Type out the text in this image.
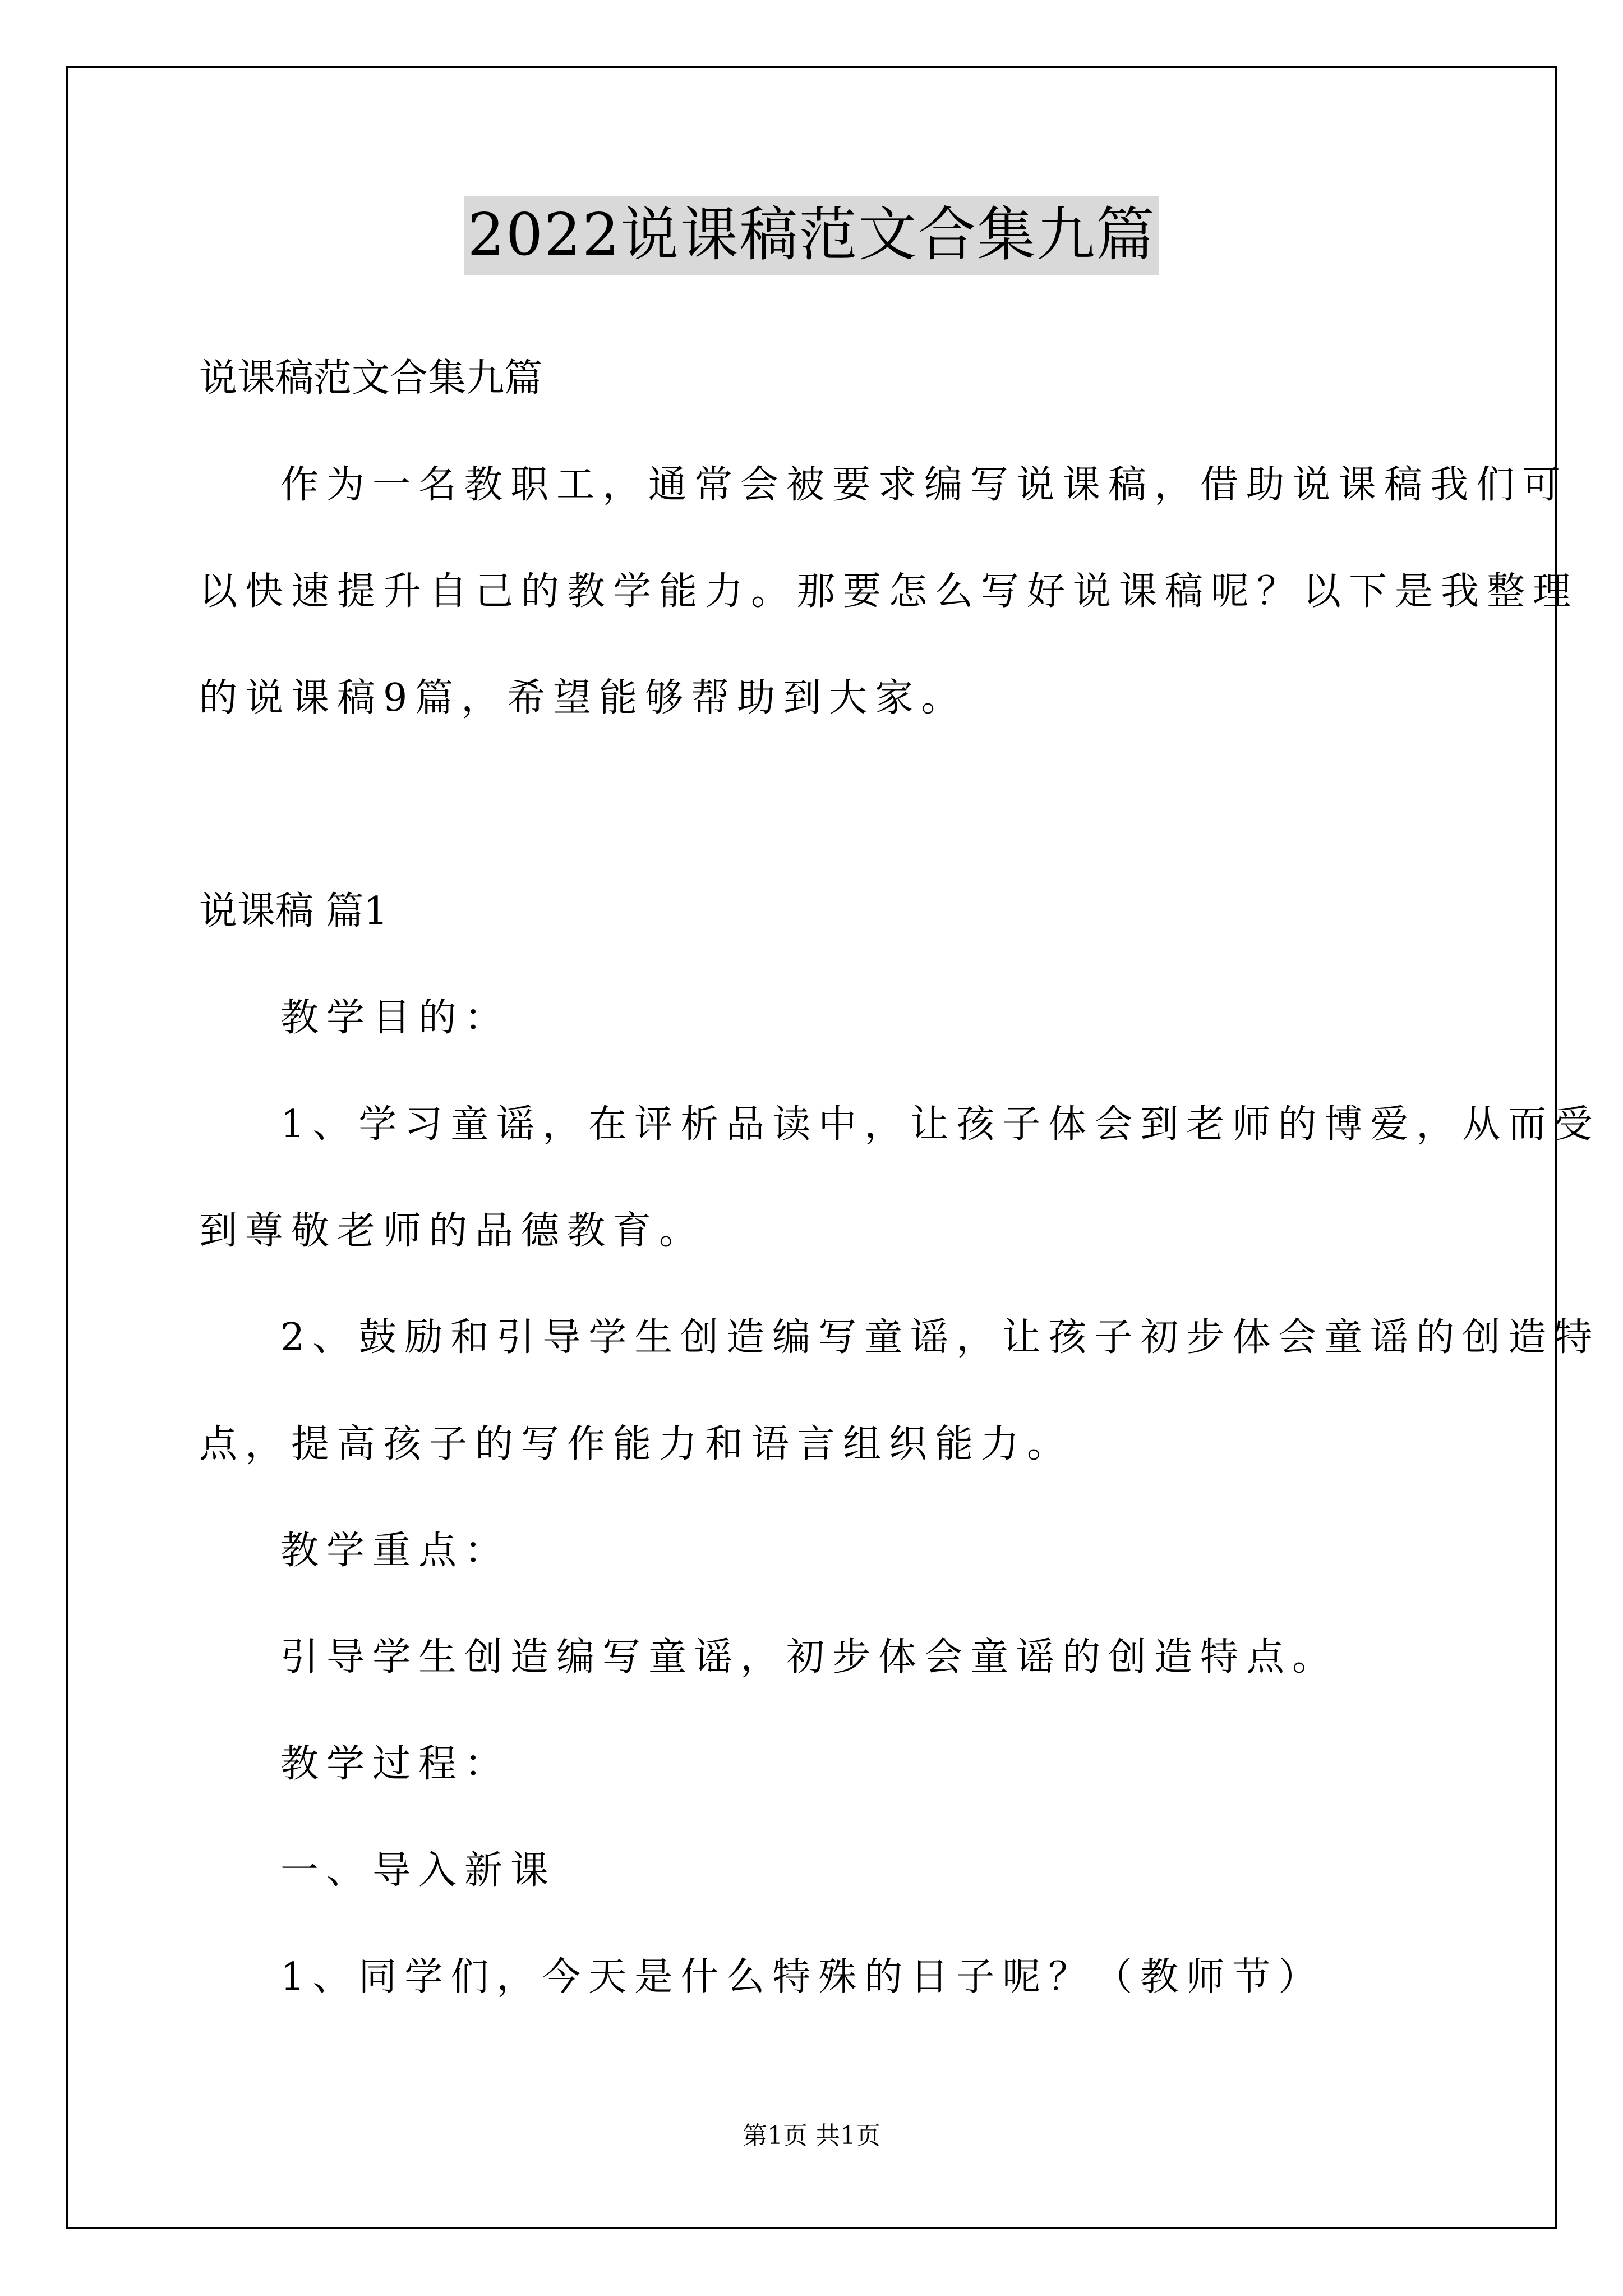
2022说课稿范文合集九篇
说课稿范文合集九篇
作为一名教职工，通常会被要求编写说课稿，借助说课稿我们可
以快速提升自己的教学能力。那要怎么写好说课稿呢？以下是我整理
的说课稿9篇，希望能够帮助到大家。
说课稿 篇1
教学目的：
1、学习童谣，在评析品读中，让孩子体会到老师的博爱，从而受
到尊敬老师的品德教育。
2、鼓励和引导学生创造编写童谣，让孩子初步体会童谣的创造特
点，提高孩子的写作能力和语言组织能力。
教学重点：
引导学生创造编写童谣，初步体会童谣的创造特点。
教学过程：
一、导入新课
1、同学们，今天是什么特殊的日子呢？（教师节）
第1页 共1页
